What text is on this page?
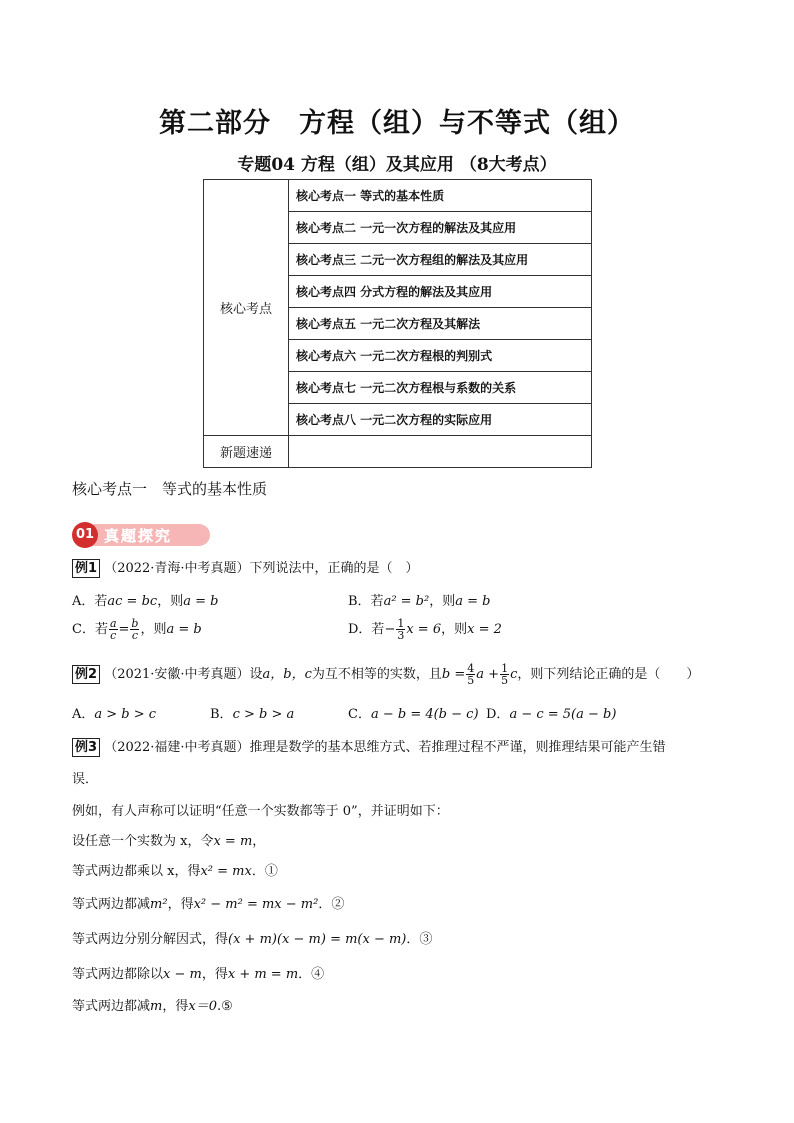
第二部分　方程（组）与不等式（组）
专题04 方程（组）及其应用 （8大考点）
核心考点	核心考点一 等式的基本性质
	核心考点二 一元一次方程的解法及其应用
	核心考点三 二元一次方程组的解法及其应用
	核心考点四 分式方程的解法及其应用
	核心考点五 一元二次方程及其解法
	核心考点六 一元二次方程根的判别式
	核心考点七 一元二次方程根与系数的关系
	核心考点八 一元二次方程的实际应用
新题速递	
核心考点一　等式的基本性质
01 真题探究
例1 （2022·青海·中考真题）下列说法中，正确的是（　）
A．若ac = bc，则a = b	B．若a² = b²，则a = b
C．若 $\frac{a}{c} = \frac{b}{c}$ ，则a = b	D．若− $\frac{1}{3}$ x = 6，则x = 2
例2 （2021·安徽·中考真题）设a，b，c为互不相等的实数，且$b = \frac{4}{5}$ $a + \frac{1}{5}$ c，则下列结论正确的是（　　）
A．a > b > c	B．c > b > a	C．a − b = 4(b − c) D．a − c = 5(a − b)
例3 （2022·福建·中考真题）推理是数学的基本思维方式、若推理过程不严谨，则推理结果可能产生错
误．
例如，有人声称可以证明“任意一个实数都等于 0”，并证明如下：
设任意一个实数为 x，令x = m，
等式两边都乘以 x，得x² = mx．①
等式两边都减m²，得x² − m² = mx − m²．②
等式两边分别分解因式，得(x + m)(x − m) = m(x − m)．③
等式两边都除以x − m，得x + m = m．④
等式两边都减m，得x＝0.⑤
